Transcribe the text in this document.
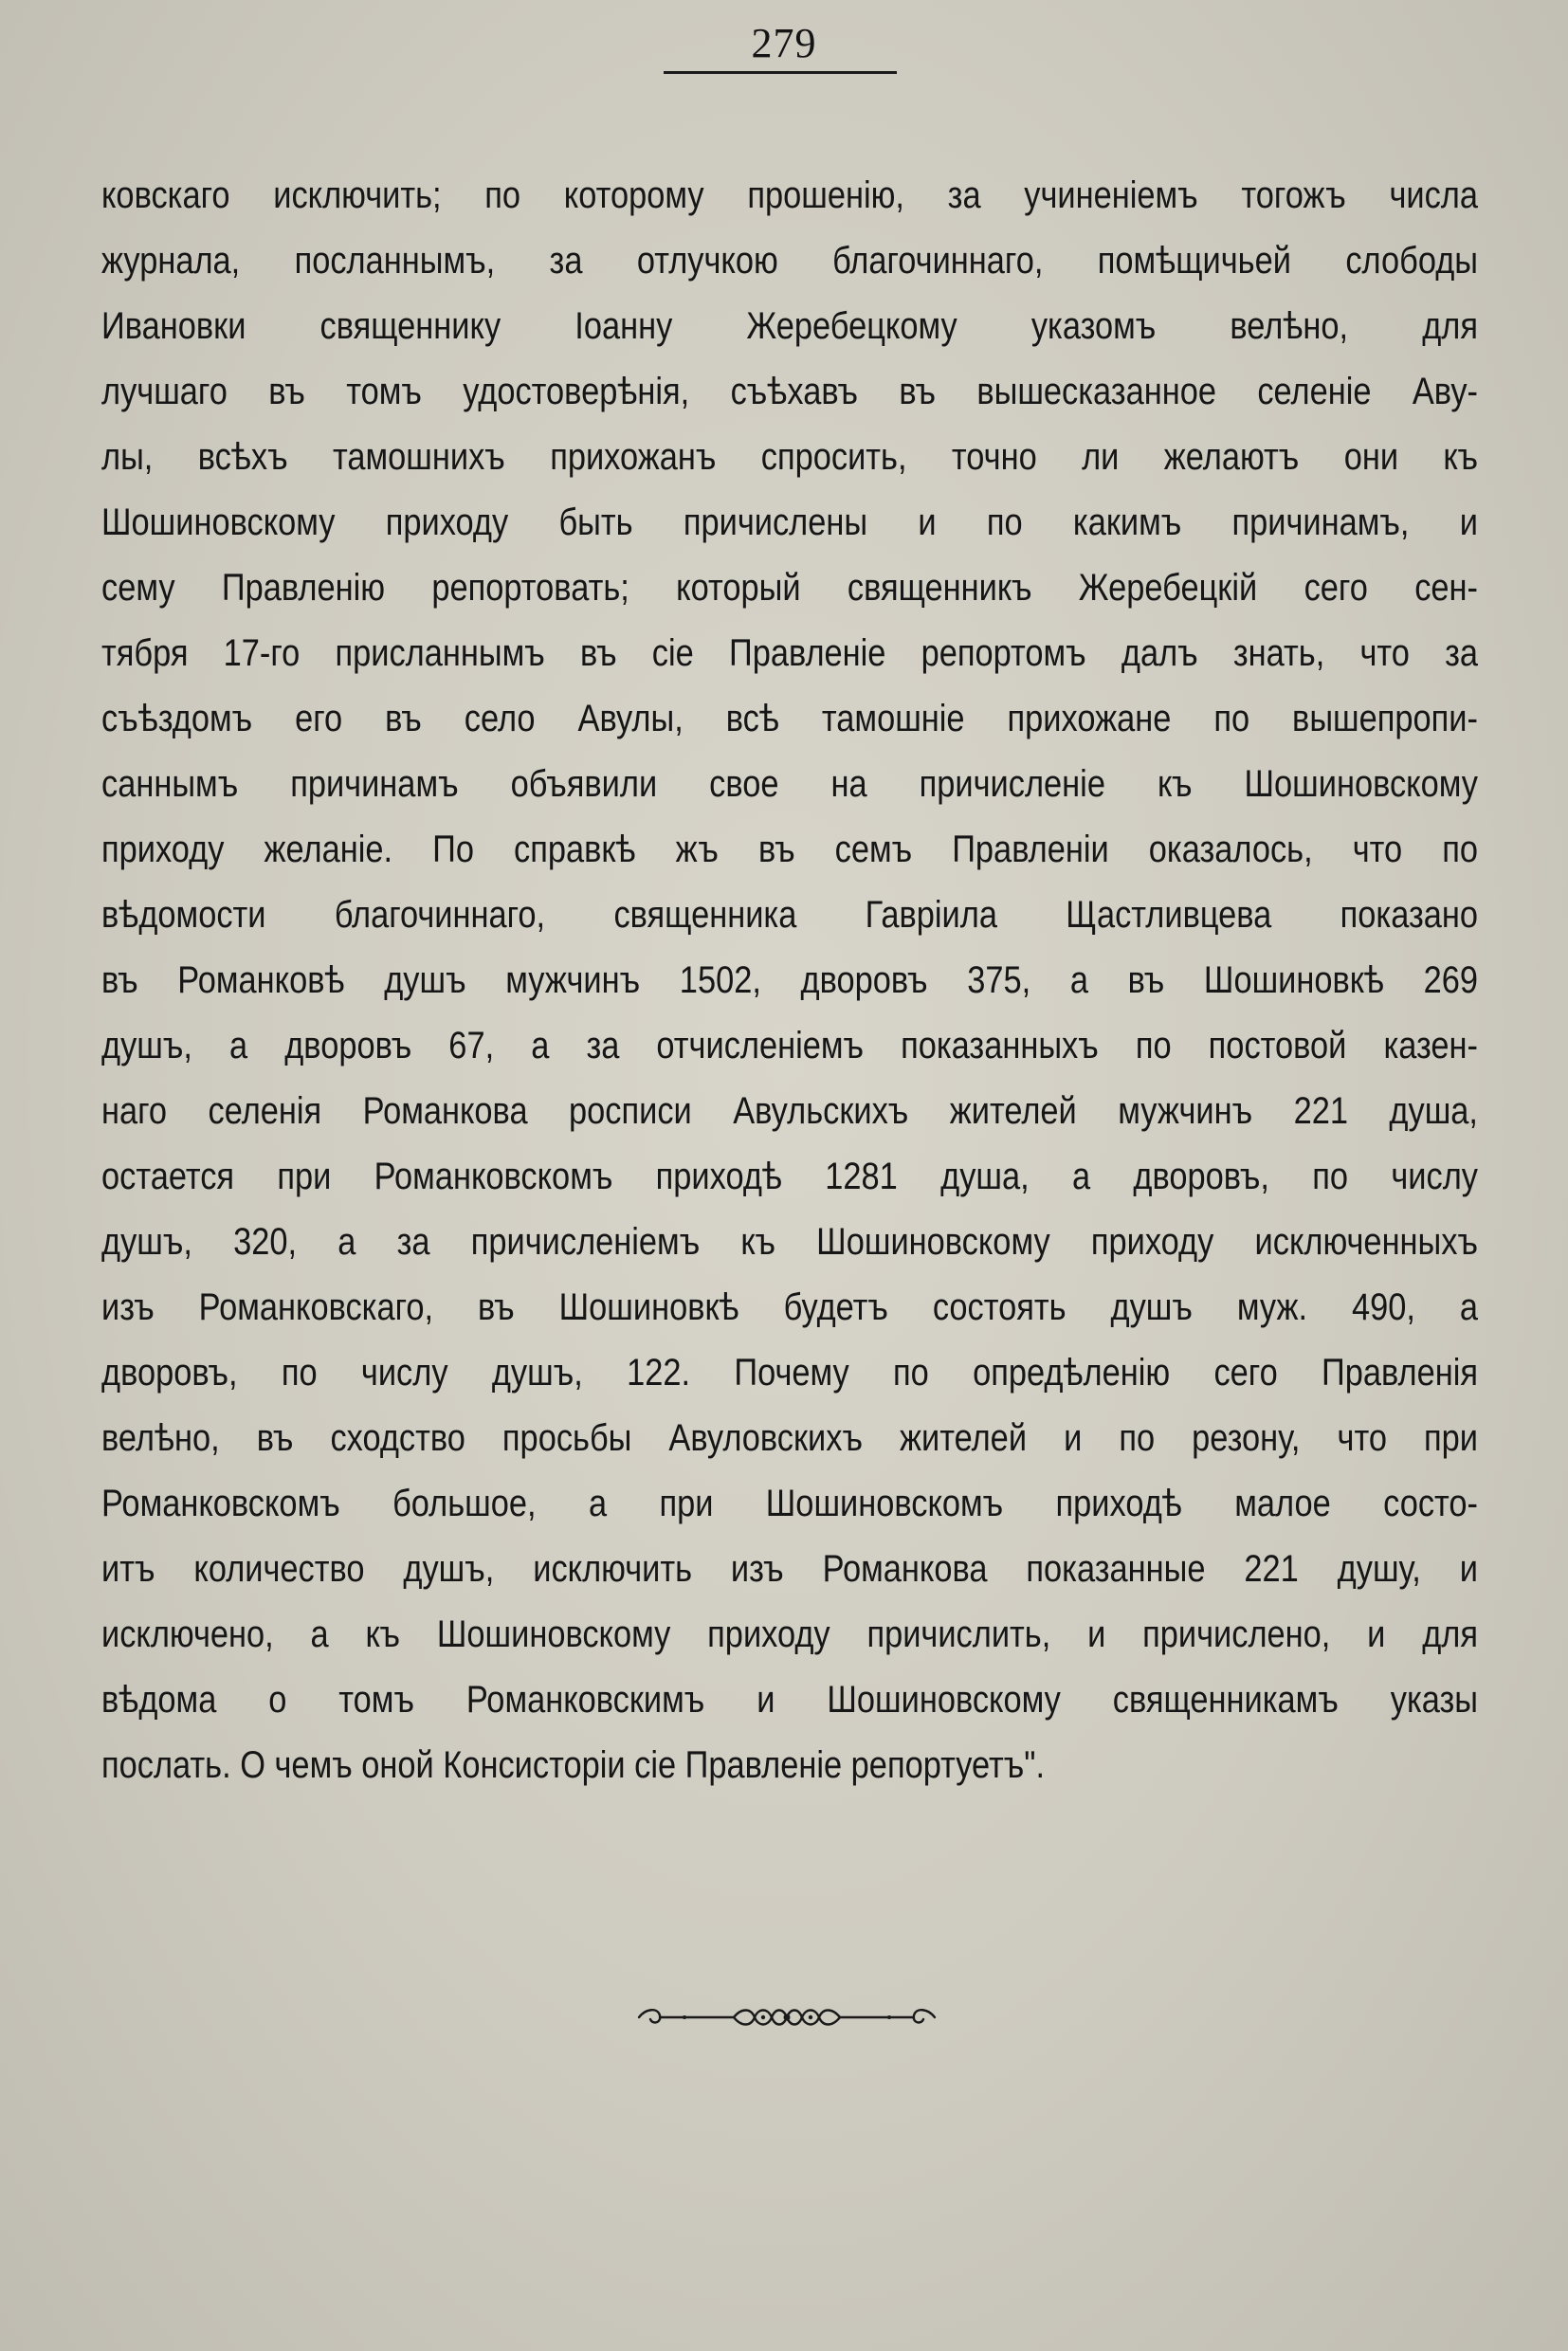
279
ковскаго исключить; по которому прошенію, за учиненіемъ тогожъ числа
журнала, посланнымъ, за отлучкою благочиннаго, помѣщичьей слободы
Ивановки священнику Іоанну Жеребецкому указомъ велѣно, для
лучшаго въ томъ удостоверѣнія, съѣхавъ въ вышесказанное селеніе Аву-
лы, всѣхъ тамошнихъ прихожанъ спросить, точно ли желаютъ они къ
Шошиновскому приходу быть причислены и по какимъ причинамъ, и
сему Правленію репортовать; который священникъ Жеребецкій сего сен-
тября 17-го присланнымъ въ сіе Правленіе репортомъ далъ знать, что за
съѣздомъ его въ село Авулы, всѣ тамошніе прихожане по вышепропи-
саннымъ причинамъ объявили свое на причисленіе къ Шошиновскому
приходу желаніе. По справкѣ жъ въ семъ Правленіи оказалось, что по
вѣдомости благочиннаго, священника Гавріила Щастливцева показано
въ Романковѣ душъ мужчинъ 1502, дворовъ 375, а въ Шошиновкѣ 269
душъ, а дворовъ 67, а за отчисленіемъ показанныхъ по постовой казен-
наго селенія Романкова росписи Авульскихъ жителей мужчинъ 221 душа,
остается при Романковскомъ приходѣ 1281 душа, а дворовъ, по числу
душъ, 320, а за причисленіемъ къ Шошиновскому приходу исключенныхъ
изъ Романковскаго, въ Шошиновкѣ будетъ состоять душъ муж. 490, а
дворовъ, по числу душъ, 122. Почему по опредѣленію сего Правленія
велѣно, въ сходство просьбы Авуловскихъ жителей и по резону, что при
Романковскомъ большое, а при Шошиновскомъ приходѣ малое состо-
итъ количество душъ, исключить изъ Романкова показанные 221 душу, и
исключено, а къ Шошиновскому приходу причислить, и причислено, и для
вѣдома о томъ Романковскимъ и Шошиновскому священникамъ указы
послать. О чемъ оной Консисторіи сіе Правленіе репортуетъ".
